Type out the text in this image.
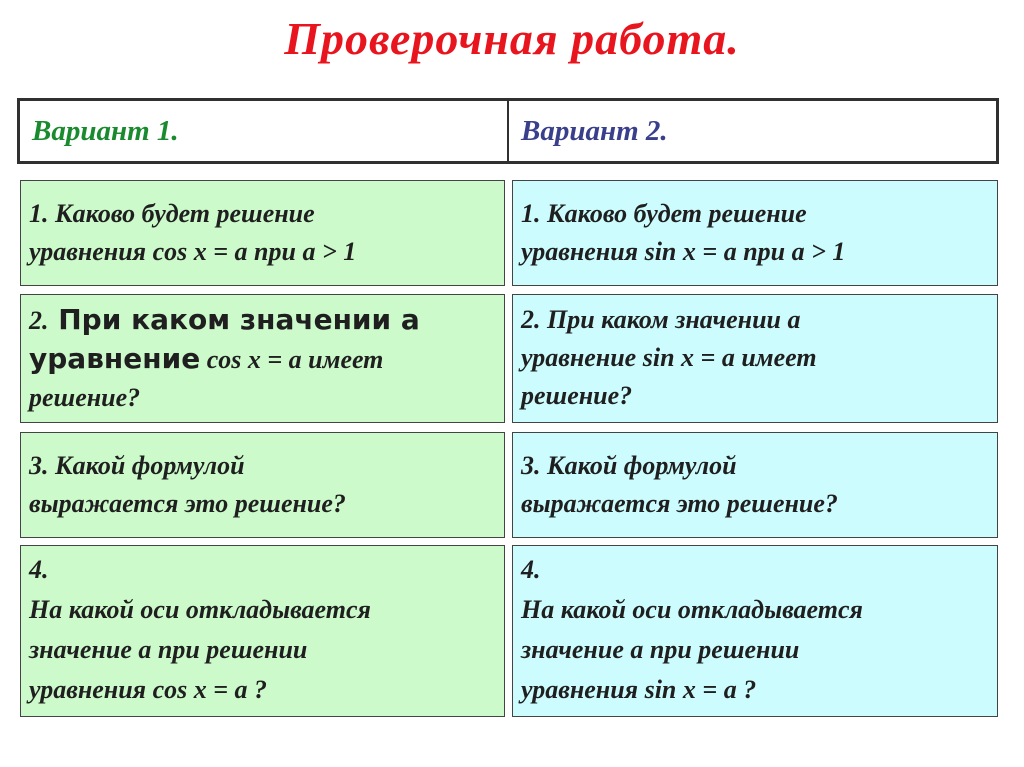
Проверочная работа.
Вариант 1.	Вариант 2.
1. Каково будет решение
уравнения cos x = a при a > 1
2. При каком значении а
уравнение cos x = a имеет
решение?
3. Какой формулой
выражается это решение?
4.
На какой оси откладывается
значение а при решении
уравнения cos x = a ?
1. Каково будет решение
уравнения sin x = a при a > 1
2. При каком значении а
уравнение sin x = a имеет
решение?
3. Какой формулой
выражается это решение?
4.
На какой оси откладывается
значение а при решении
уравнения sin x = a ?
